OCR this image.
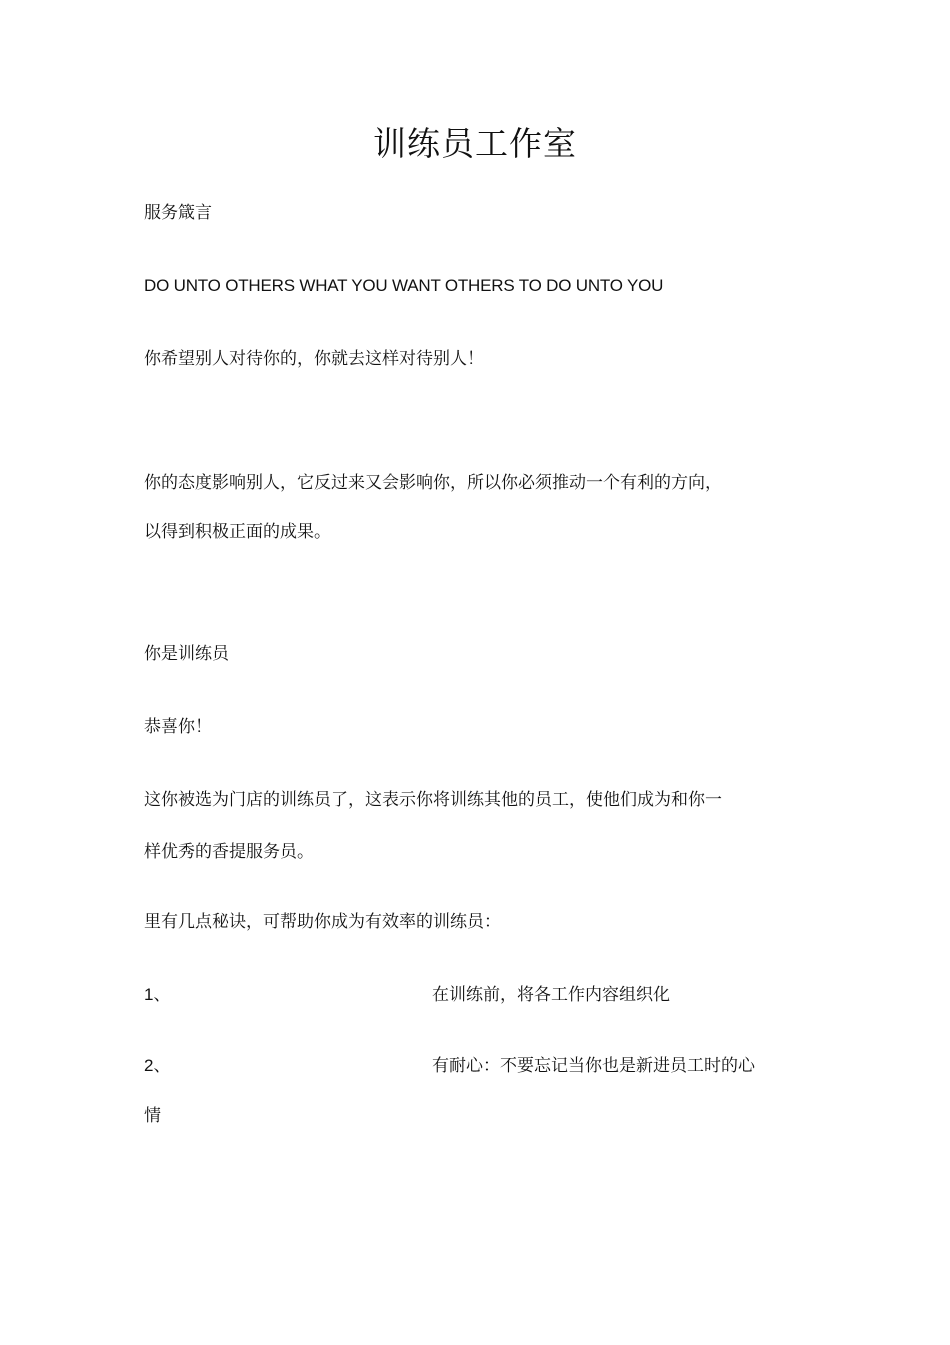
训练员工作室
服务箴言
DO UNTO OTHERS WHAT YOU WANT OTHERS TO DO UNTO YOU
你希望别人对待你的，你就去这样对待别人！
你的态度影响别人，它反过来又会影响你，所以你必须推动一个有利的方向，
以得到积极正面的成果。
你是训练员
恭喜你！
这你被选为门店的训练员了，这表示你将训练其他的员工，使他们成为和你一
样优秀的香提服务员。
里有几点秘诀，可帮助你成为有效率的训练员：
1、	在训练前，将各工作内容组织化
2、	有耐心：不要忘记当你也是新进员工时的心
情
